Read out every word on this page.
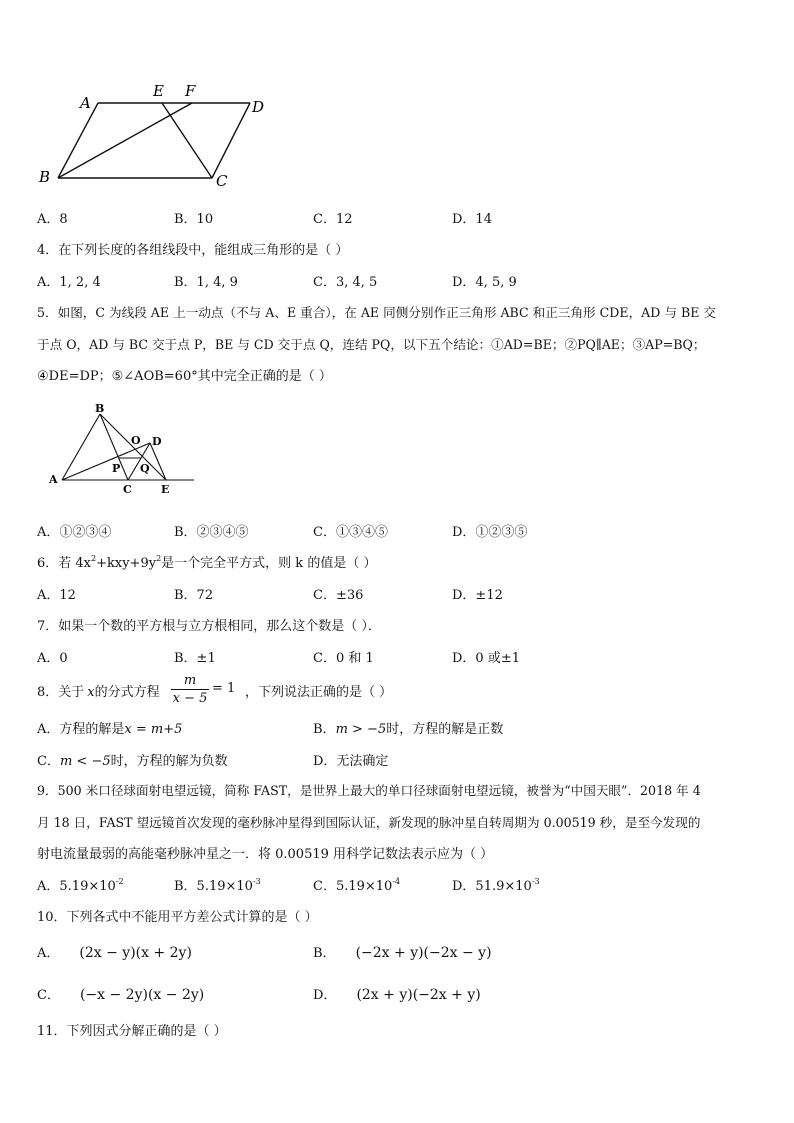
A
E F
D
B	C
A．8	B．10	C．12	D．14
4．在下列长度的各组线段中，能组成三角形的是（ ）
A．1, 2, 4	B．1, 4, 9	C．3, 4, 5	D．4, 5, 9
5．如图，C 为线段 AE 上一动点（不与 A、E 重合），在 AE 同侧分别作正三角形 ABC 和正三角形 CDE，AD 与 BE 交
于点 O，AD 与 BC 交于点 P，BE 与 CD 交于点 Q，连结 PQ，以下五个结论：①AD=BE；②PQ∥AE；③AP=BQ；
④DE=DP；⑤∠AOB=60°其中完全正确的是（ ）
B
O D
P Q
A
C	E
A．①②③④	B．②③④⑤	C．①③④⑤	D．①②③⑤
6．若 $4x^2+kxy+9y^2$是一个完全平方式，则 k 的值是（ ）
A．12	B．72	C．±36	D．±12
7．如果一个数的平方根与立方根相同，那么这个数是（ ）．
A．0	B．±1	C．0 和 1	D．0 或±1
8．关于 x的分式方程 $\frac{m}{x - 5} = 1$ ，下列说法正确的是（ ）
A．方程的解是x = m+5	B．m > −5时，方程的解是正数
C．m < −5时，方程的解为负数	D．无法确定
9．500 米口径球面射电望远镜，简称 FAST，是世界上最大的单口径球面射电望远镜，被誉为“中国天眼”．2018 年 4
月 18 日，FAST 望远镜首次发现的毫秒脉冲星得到国际认证，新发现的脉冲星自转周期为 0.00519 秒，是至今发现的
射电流量最弱的高能毫秒脉冲星之一．将 0.00519 用科学记数法表示应为（ ）
A．$5.19\times 10^{-2}$	B．$5.19\times 10^{-3}$	C．$5.19\times 10^{-4}$	D．$51.9\times 10^{-3}$
10．下列各式中不能用平方差公式计算的是（ ）
A． (2x − y)(x + 2y)	B． (−2x + y)(−2x − y)
C． (−x − 2y)(x − 2y)	D． (2x + y)(−2x + y)
11．下列因式分解正确的是（ ）
